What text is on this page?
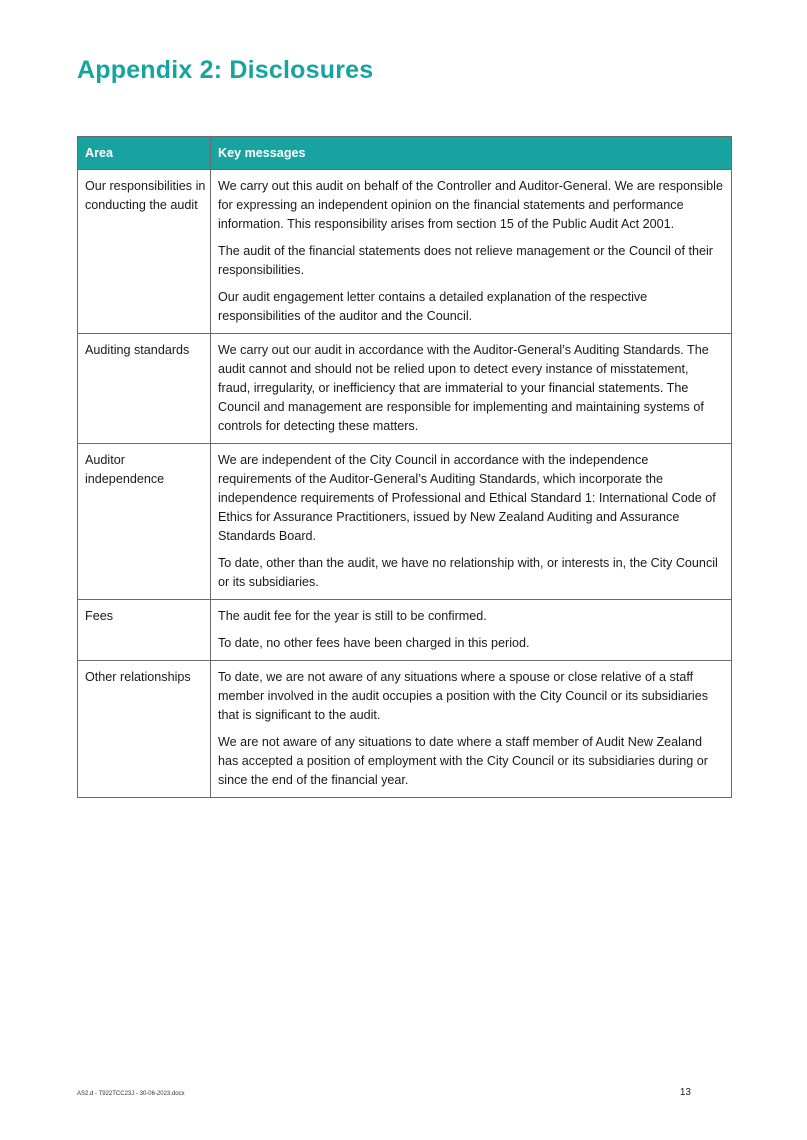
Appendix 2: Disclosures
Area	Key messages
Our responsibilities in conducting the audit	We carry out this audit on behalf of the Controller and Auditor-General. We are responsible for expressing an independent opinion on the financial statements and performance information. This responsibility arises from section 15 of the Public Audit Act 2001.

The audit of the financial statements does not relieve management or the Council of their responsibilities.

Our audit engagement letter contains a detailed explanation of the respective responsibilities of the auditor and the Council.

Auditing standards	We carry out our audit in accordance with the Auditor-General’s Auditing Standards. The audit cannot and should not be relied upon to detect every instance of misstatement, fraud, irregularity, or inefficiency that are immaterial to your financial statements. The Council and management are responsible for implementing and maintaining systems of controls for detecting these matters.

Auditor independence	We are independent of the City Council in accordance with the independence requirements of the Auditor-General’s Auditing Standards, which incorporate the independence requirements of Professional and Ethical Standard 1: International Code of Ethics for Assurance Practitioners, issued by New Zealand Auditing and Assurance Standards Board.

To date, other than the audit, we have no relationship with, or interests in, the City Council or its subsidiaries.

Fees	The audit fee for the year is still to be confirmed.

To date, no other fees have been charged in this period.

Other relationships	To date, we are not aware of any situations where a spouse or close relative of a staff member involved in the audit occupies a position with the City Council or its subsidiaries that is significant to the audit.

We are not aware of any situations to date where a staff member of Audit New Zealand has accepted a position of employment with the City Council or its subsidiaries during or since the end of the financial year.

AS2.d - T922TCC23J - 30-06-2023.docx	13
